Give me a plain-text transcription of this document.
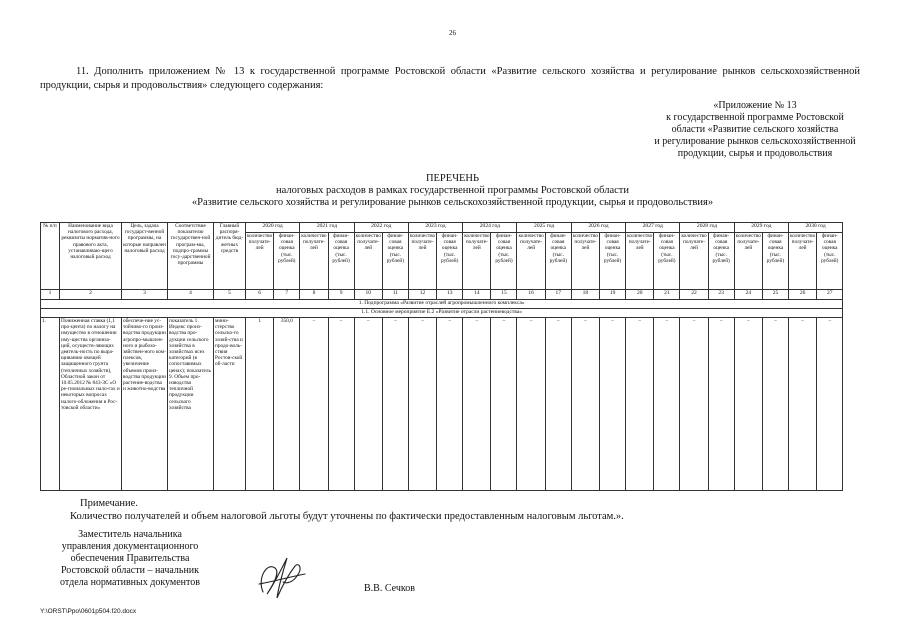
26
11. Дополнить приложением № 13 к государственной программе Ростовской области «Развитие сельского хозяйства и регулирование рынков сельскохозяйственной продукции, сырья и продовольствия» следующего содержания:
«Приложение № 13
к государственной программе Ростовской
области «Развитие сельского хозяйства
и регулирование рынков сельскохозяйственной
продукции, сырья и продовольствия
ПЕРЕЧЕНЬ
налоговых расходов в рамках государственной программы Ростовской области
«Развитие сельского хозяйства и регулирование рынков сельскохозяйственной продукции, сырья и продовольствия»
№ п/п	Наименование вида налогового расхода, реквизиты норматив-ного правового акта, устанавливаю-щего налоговый расход	Цель, задача государст-венной программы, на которые направлен налоговый расход	Соответствие показателю государствен-ной програм-мы, подпро-граммы госу-дарственной программы	Главный распоря-дитель бюд-жетных средств	2020 год		2021 год		2022 год		2023 год		2024 год		2025 год		2026 год		2027 год		2028 год		2029 год		2030 год	
					количество получате-лей	финан-совая оценка (тыс. рублей)	количество получате-лей	финан-совая оценка (тыс. рублей)	количество получате-лей	финан-совая оценка (тыс. рублей)	количество получате-лей	финан-совая оценка (тыс. рублей)	количество получате-лей	финан-совая оценка (тыс. рублей)	количество получате-лей	финан-совая оценка (тыс. рублей)	количество получате-лей	финан-совая оценка (тыс. рублей)	количество получате-лей	финан-совая оценка (тыс. рублей)	количество получате-лей	финан-совая оценка (тыс. рублей)	количество получате-лей	финан-совая оценка (тыс. рублей)	количество получате-лей	финан-совая оценка (тыс. рублей)
1	2	3	4	5	6	7	8	9	10	11	12	13	14	15	16	17	18	19	20	21	22	23	24	25	26	27
1. Подпрограмма «Развитие отраслей агропромышленного комплекса»																										
1.1. Основное мероприятие Е.2 «Развитие отрасли растениеводства»																										
1.	Пониженная ставка (1,1 про-цента) по налогу на имущество в отношении иму-щества организа-ций, осуществ-ляющих деятель-ность по выра-щиванию овощей защищенного грунта (тепличных хозяйств), Областной закон от 10.05.2012 № 843-ЗС «О ре-гиональных нало-гах и некоторых вопросах налого-обложения в Рос-товской области»	обеспече-ние ус-тойчиво-го произ-водства продукции агропро-мышлен-ного и рыбохо-зяйствен-ного ком-плексов, увеличение объемов произ-водства продукции растение-водства и животно-водства	показатель 1. Индекс произ-водства про-дукции сельского хозяйства в хозяйствах всех категорий (в сопоставимых ценах); показатель 9. Объем про-изводства тепличной продукции сельского хозяйства	мини-стерство сельско-го хозяй-ства и продо-воль-ствия Ростов-ской об-ласти	1	350,0	–	–	–	–	–	–	–	–	–	–	–	–	–	–	–	–	–	–	–	–
Примечание.
Количество получателей и объем налоговой льготы будут уточнены по фактически предоставленным налоговым льготам.».
Заместитель начальника
управления документационного
обеспечения Правительства
Ростовской области – начальник
отдела нормативных документов
В.В. Сечков
Y:\ORST\Ppo\0601p504.f20.docx
